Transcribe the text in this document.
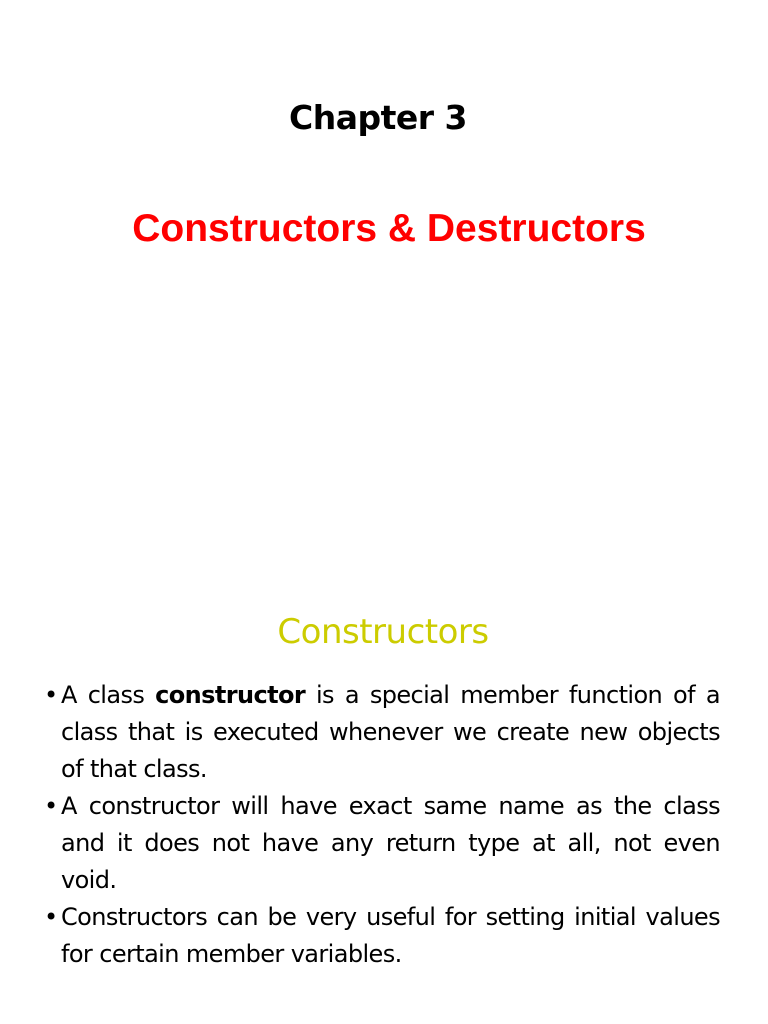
Chapter 3
Constructors & Destructors
Constructors
• A class constructor is a special member function of a class that is executed whenever we create new objects of that class.
• A constructor will have exact same name as the class and it does not have any return type at all, not even void.
• Constructors can be very useful for setting initial values for certain member variables.
